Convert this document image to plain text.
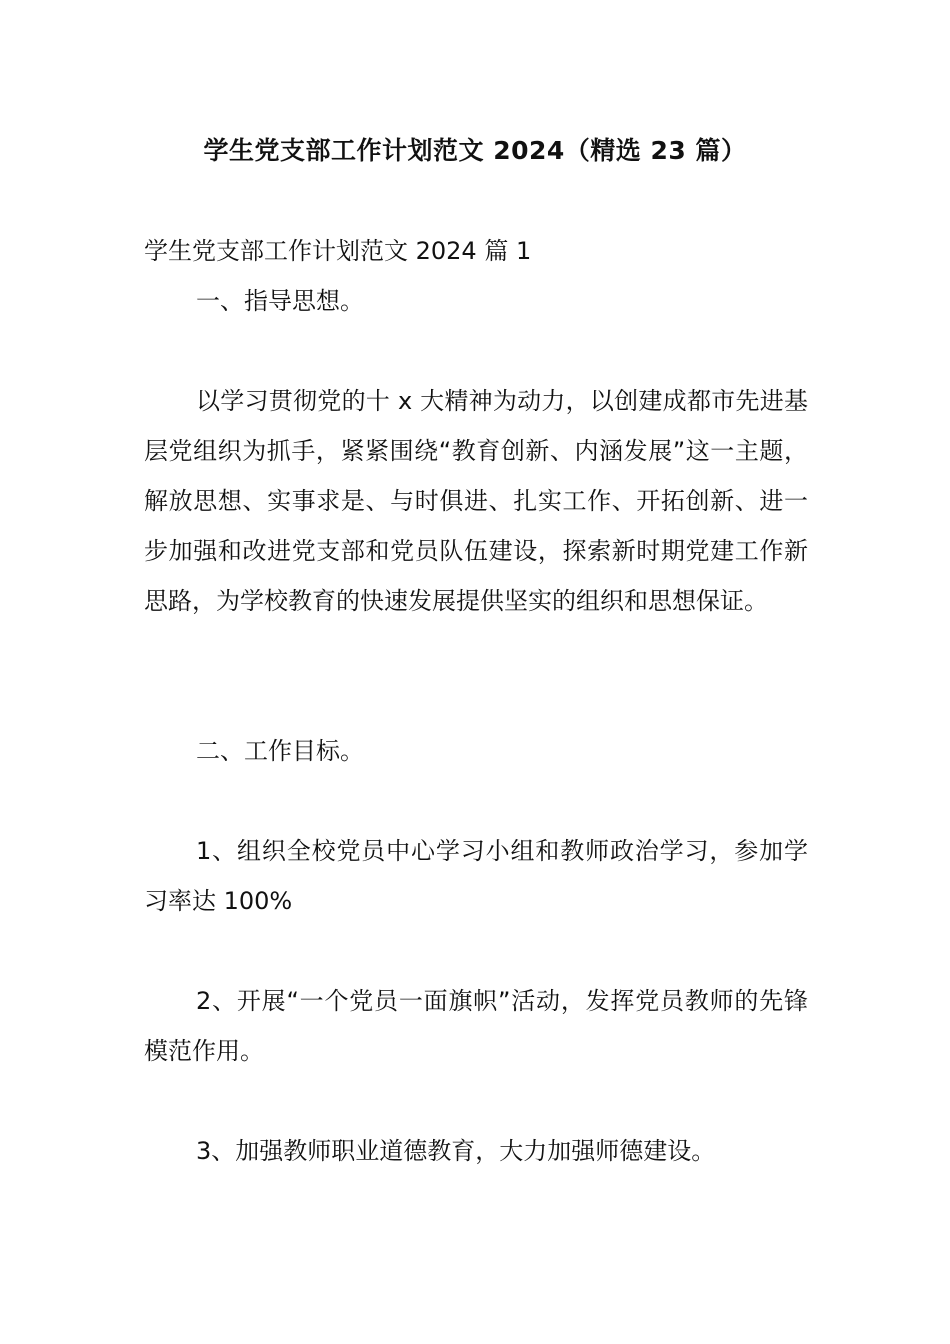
学生党支部工作计划范文 2024（精选 23 篇）
学生党支部工作计划范文 2024 篇 1
一、指导思想。
以学习贯彻党的十 x 大精神为动力，以创建成都市先进基层党组织为抓手，紧紧围绕“教育创新、内涵发展”这一主题，解放思想、实事求是、与时俱进、扎实工作、开拓创新、进一步加强和改进党支部和党员队伍建设，探索新时期党建工作新思路，为学校教育的快速发展提供坚实的组织和思想保证。
二、工作目标。
1、组织全校党员中心学习小组和教师政治学习，参加学习率达 100%
2、开展“一个党员一面旗帜”活动，发挥党员教师的先锋模范作用。
3、加强教师职业道德教育，大力加强师德建设。
